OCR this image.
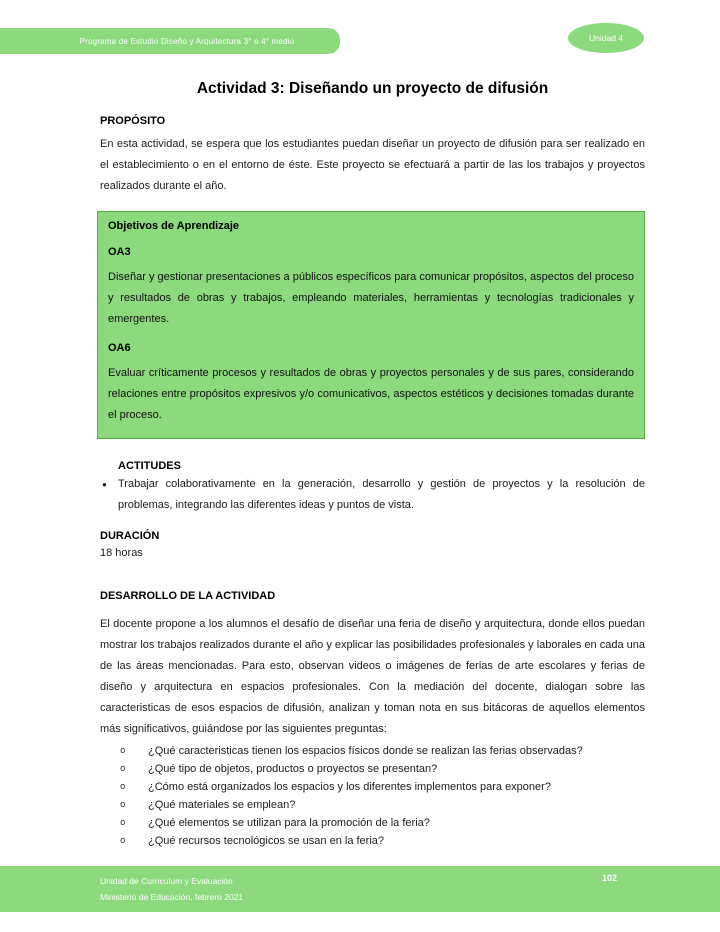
Programa de Estudio Diseño y Arquitectura 3° o 4° medio	Unidad 4
Actividad 3: Diseñando un proyecto de difusión
PROPÓSITO

En esta actividad, se espera que los estudiantes puedan diseñar un proyecto de difusión para ser realizado en el establecimiento o en el entorno de éste. Este proyecto se efectuará a partir de las los trabajos y proyectos realizados durante el año.

Objetivos de Aprendizaje
OA3

Diseñar y gestionar presentaciones a públicos específicos para comunicar propósitos, aspectos del proceso y resultados de obras y trabajos, empleando materiales, herramientas y tecnologías tradicionales y emergentes.

OA6

Evaluar críticamente procesos y resultados de obras y proyectos personales y de sus pares, considerando relaciones entre propósitos expresivos y/o comunicativos, aspectos estéticos y decisiones tomadas durante el proceso.

ACTITUDES
Trabajar colaborativamente en la generación, desarrollo y gestión de proyectos y la resolución de problemas, integrando las diferentes ideas y puntos de vista.
DURACIÓN

18 horas

DESARROLLO DE LA ACTIVIDAD

El docente propone a los alumnos el desafío de diseñar una feria de diseño y arquitectura, donde ellos puedan mostrar los trabajos realizados durante el año y explicar las posibilidades profesionales y laborales en cada una de las áreas mencionadas. Para esto, observan videos o imágenes de ferias de arte escolares y ferias de diseño y arquitectura en espacios profesionales. Con la mediación del docente, dialogan sobre las caracteristicas de esos espacios de difusión, analizan y toman nota en sus bitácoras de aquellos elementos más significativos, guiándose por las siguientes preguntas:

¿Qué caracteristicas tienen los espacios físicos donde se realizan las ferias observadas?
¿Qué tipo de objetos, productos o proyectos se presentan?
¿Cómo está organizados los espacios y los diferentes implementos para exponer?
¿Qué materiales se emplean?
¿Qué elementos se utilizan para la promoción de la feria?
¿Qué recursos tecnológicos se usan en la feria?
Unidad de Curriculum y Evaluación
Ministerio de Educación, febrero 2021
102
